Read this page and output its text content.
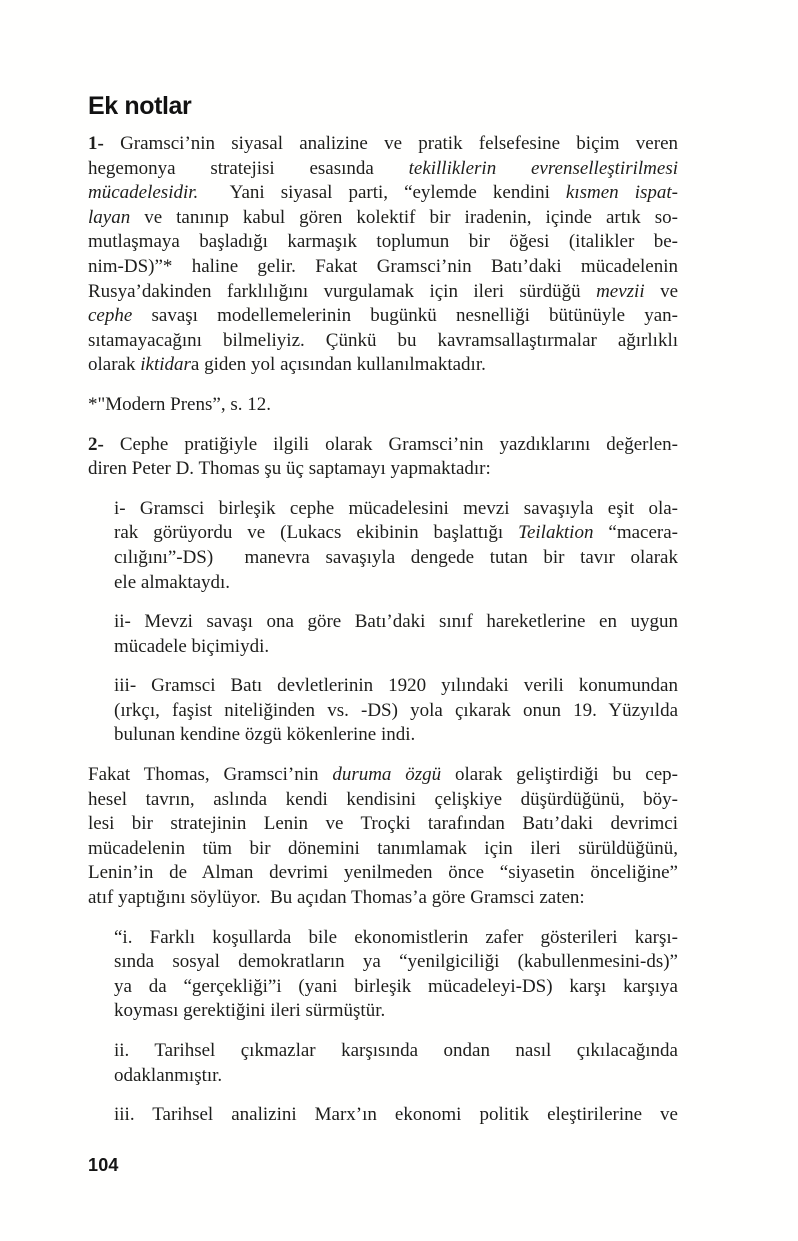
Ek notlar
1- Gramsci’nin siyasal analizine ve pratik felsefesine biçim veren
hegemonya stratejisi esasında tekilliklerin evrenselleştirilmesi
mücadelesidir.  Yani siyasal parti, “eylemde kendini kısmen ispat-
layan ve tanınıp kabul gören kolektif bir iradenin, içinde artık so-
mutlaşmaya başladığı karmaşık toplumun bir öğesi (italikler be-
nim-DS)”* haline gelir. Fakat Gramsci’nin Batı’daki mücadelenin
Rusya’dakinden farklılığını vurgulamak için ileri sürdüğü mevzii ve
cephe savaşı modellemelerinin bugünkü nesnelliği bütünüyle yan-
sıtamayacağını bilmeliyiz. Çünkü bu kavramsallaştırmalar ağırlıklı
olarak iktidara giden yol açısından kullanılmaktadır.
*"Modern Prens”, s. 12.
2- Cephe pratiğiyle ilgili olarak Gramsci’nin yazdıklarını değerlen-
diren Peter D. Thomas şu üç saptamayı yapmaktadır:
i- Gramsci birleşik cephe mücadelesini mevzi savaşıyla eşit ola-
rak görüyordu ve (Lukacs ekibinin başlattığı Teilaktion “macera-
cılığını”-DS)  manevra savaşıyla dengede tutan bir tavır olarak
ele almaktaydı.
ii- Mevzi savaşı ona göre Batı’daki sınıf hareketlerine en uygun
mücadele biçimiydi.
iii- Gramsci Batı devletlerinin 1920 yılındaki verili konumundan
(ırkçı, faşist niteliğinden vs. -DS) yola çıkarak onun 19. Yüzyılda
bulunan kendine özgü kökenlerine indi.
Fakat Thomas, Gramsci’nin duruma özgü olarak geliştirdiği bu cep-
hesel tavrın, aslında kendi kendisini çelişkiye düşürdüğünü, böy-
lesi bir stratejinin Lenin ve Troçki tarafından Batı’daki devrimci
mücadelenin tüm bir dönemini tanımlamak için ileri sürüldüğünü,
Lenin’in de Alman devrimi yenilmeden önce “siyasetin önceliğine”
atıf yaptığını söylüyor.  Bu açıdan Thomas’a göre Gramsci zaten:
“i. Farklı koşullarda bile ekonomistlerin zafer gösterileri karşı-
sında sosyal demokratların ya “yenilgiciliği (kabullenmesini-ds)”
ya da “gerçekliği”i (yani birleşik mücadeleyi-DS) karşı karşıya
koyması gerektiğini ileri sürmüştür.
ii. Tarihsel çıkmazlar karşısında ondan nasıl çıkılacağında
odaklanmıştır.
iii. Tarihsel analizini Marx’ın ekonomi politik eleştirilerine ve
104
